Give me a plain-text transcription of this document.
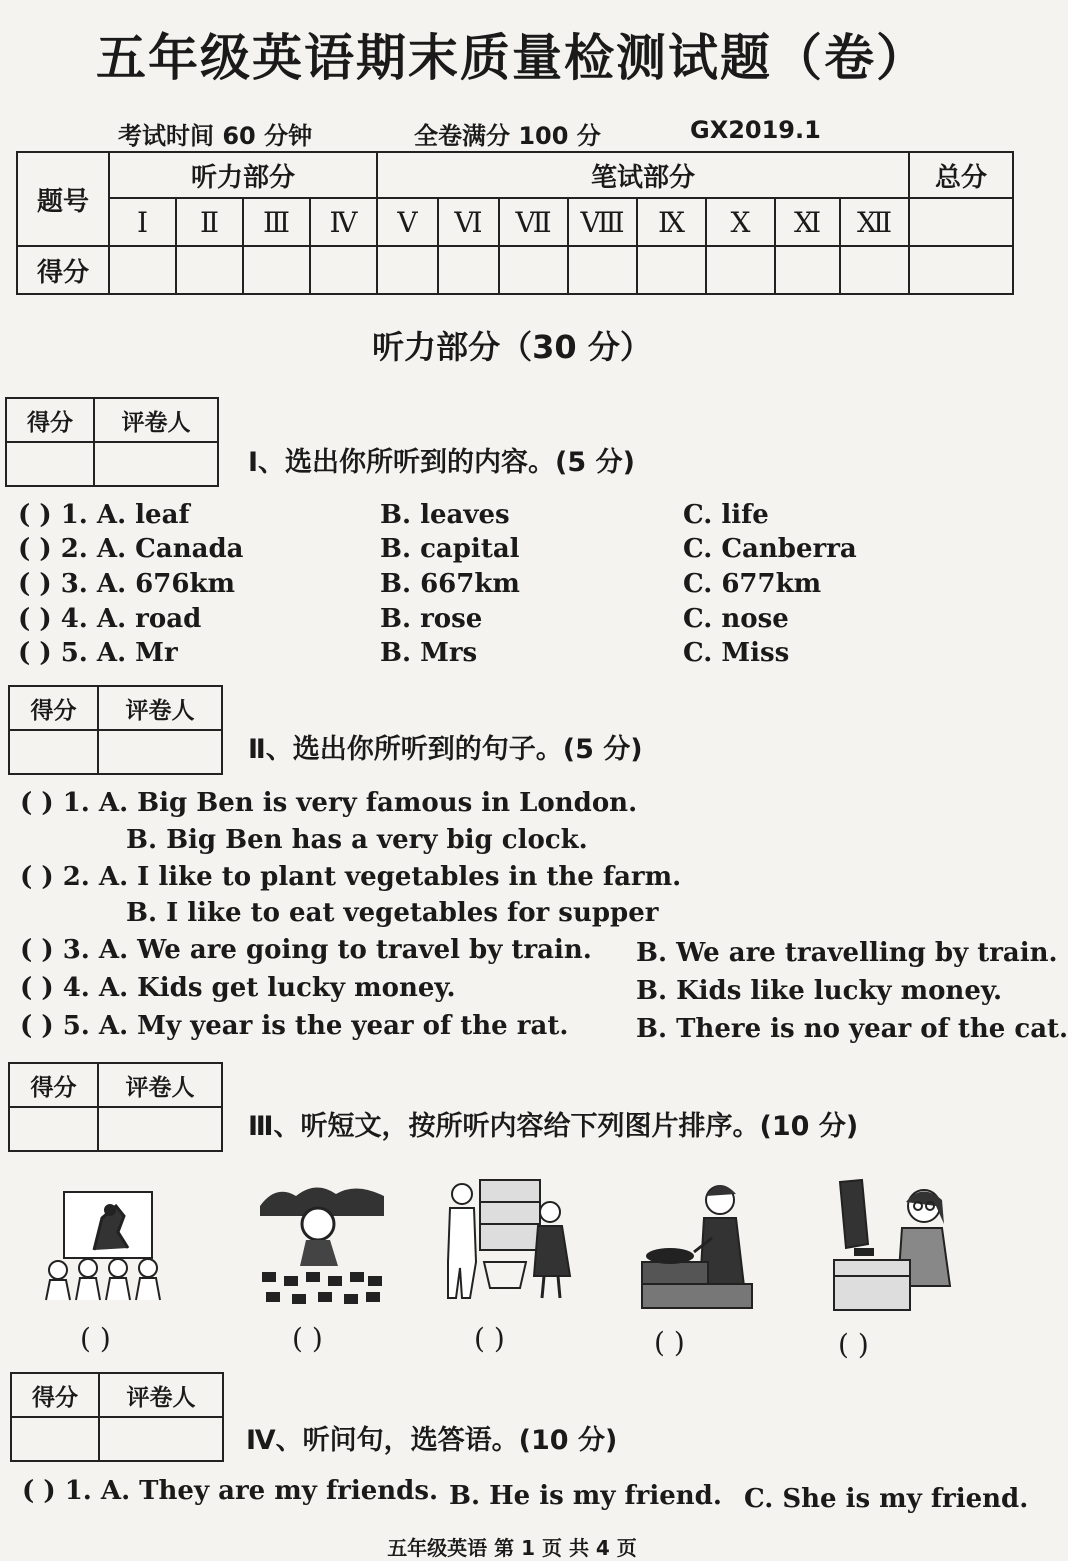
五年级英语期末质量检测试题（卷）
考试时间 60 分钟	全卷满分 100 分	GX2019.1
题号	听力部分				笔试部分								总分
	Ⅰ	Ⅱ	Ⅲ	Ⅳ	Ⅴ	Ⅵ	Ⅶ	Ⅷ	Ⅸ	Ⅹ	Ⅺ	Ⅻ	
得分													
听力部分（30 分）
得分	评卷人

Ⅰ、选出你所听到的内容。(5 分)
( ) 1. A. leaf	B. leaves	C. life
( ) 2. A. Canada	B. capital	C. Canberra
( ) 3. A. 676km	B. 667km	C. 677km
( ) 4. A. road	B. rose	C. nose
( ) 5. A. Mr	B. Mrs	C. Miss
得分	评卷人

Ⅱ、选出你所听到的句子。(5 分)
( ) 1. A. Big Ben is very famous in London.
B. Big Ben has a very big clock.
( ) 2. A. I like to plant vegetables in the farm.
B. I like to eat vegetables for supper
( ) 3. A. We are going to travel by train. B. We are travelling by train.
( ) 4. A. Kids get lucky money.	B. Kids like lucky money.
( ) 5. A. My year is the year of the rat.	B. There is no year of the cat.
得分	评卷人

Ⅲ、听短文，按所听内容给下列图片排序。(10 分)
( )	( )	( )	( )	( )
得分	评卷人

Ⅳ、听问句，选答语。(10 分)
( ) 1. A. They are my friends. B. He is my friend. C. She is my friend.
五年级英语 第 1 页 共 4 页
